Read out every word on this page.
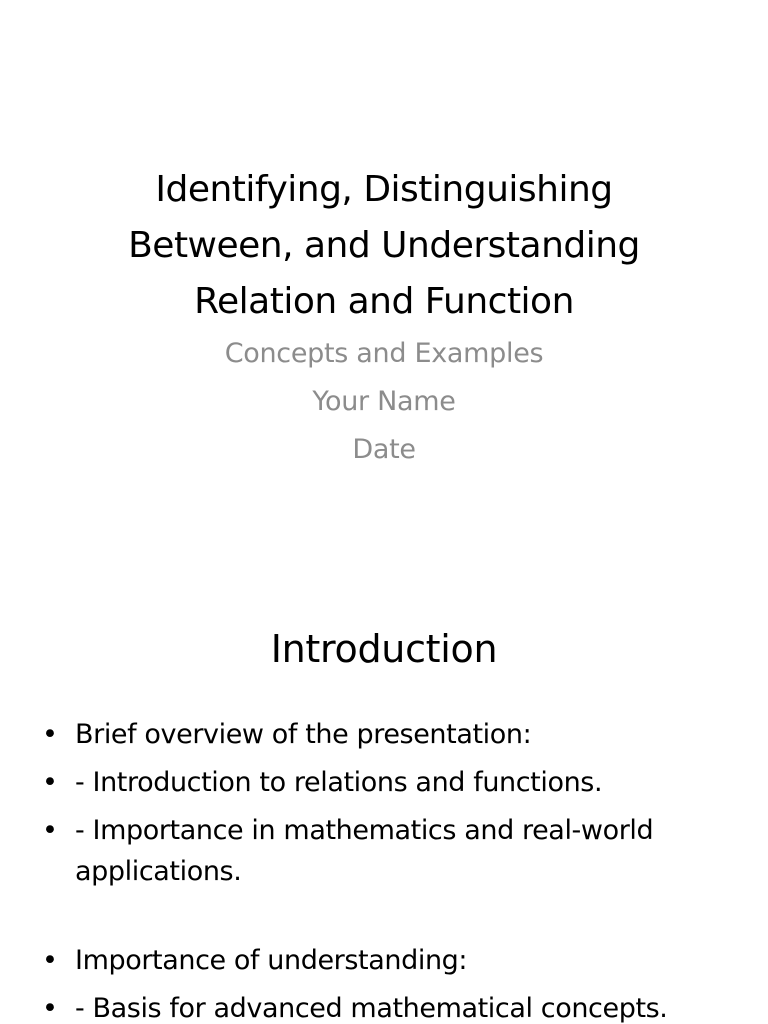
Identifying, Distinguishing
Between, and Understanding
Relation and Function
Concepts and Examples
Your Name
Date
Introduction
• Brief overview of the presentation:
• - Introduction to relations and functions.
• - Importance in mathematics and real-world applications.
• Importance of understanding:
• - Basis for advanced mathematical concepts.
